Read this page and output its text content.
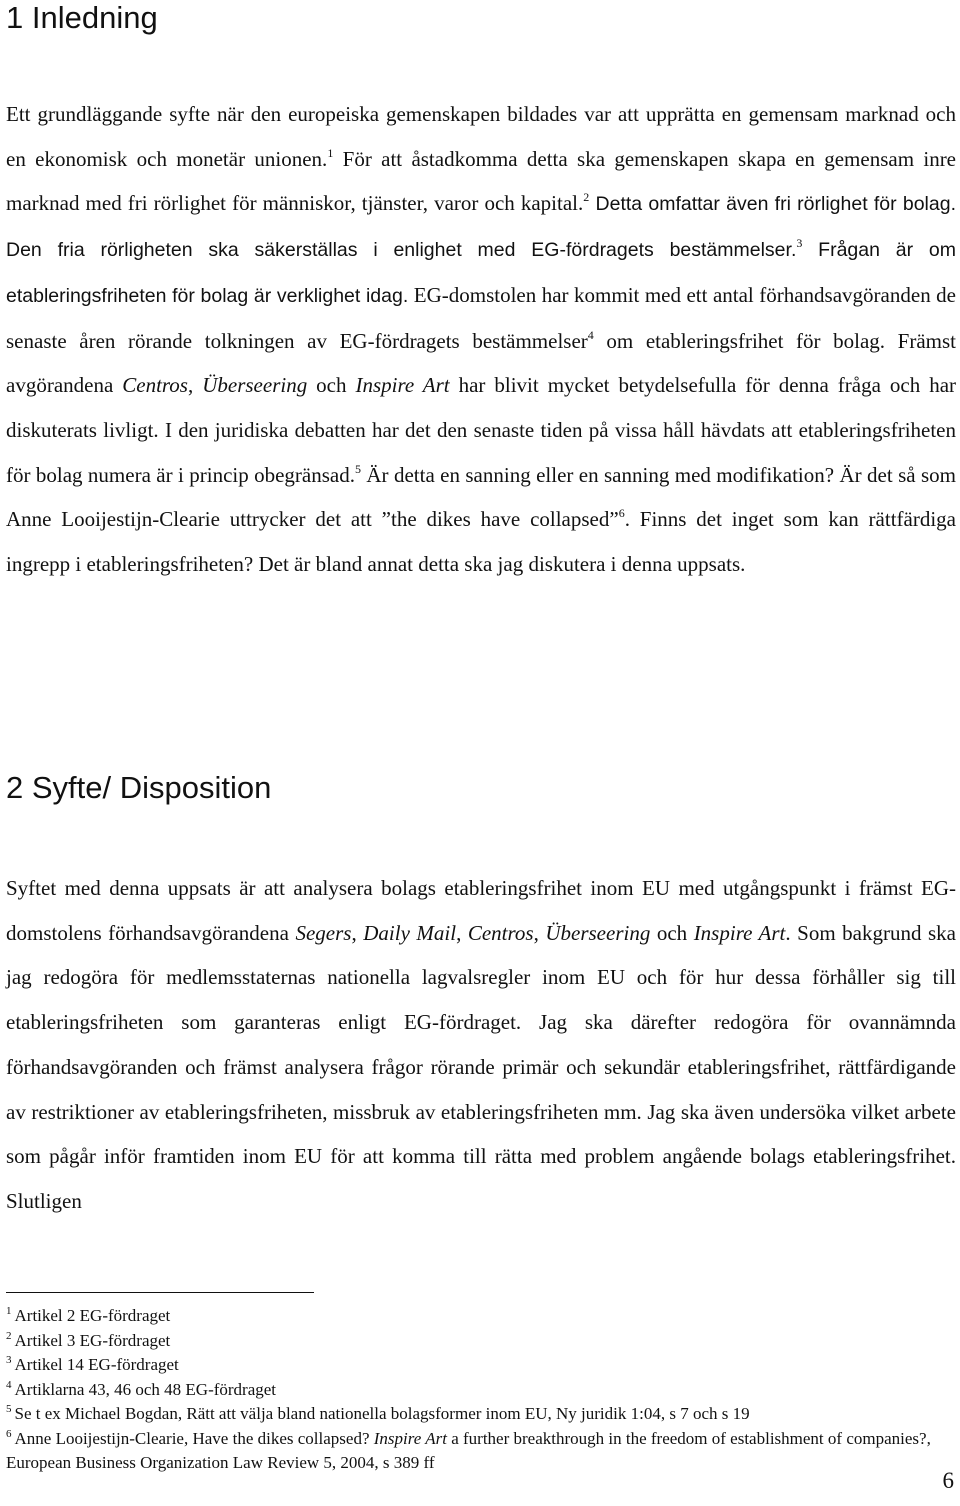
1 Inledning

Ett grundläggande syfte när den europeiska gemenskapen bildades var att upprätta en gemensam marknad och en ekonomisk och monetär unionen.$^1$ För att åstadkomma detta ska gemenskapen skapa en gemensam inre marknad med fri rörlighet för människor, tjänster, varor och kapital.$^2$ Detta omfattar även fri rörlighet för bolag. Den fria rörligheten ska säkerställas i enlighet med EG-fördragets bestämmelser.$^3$ Frågan är om etableringsfriheten för bolag är verklighet idag. EG-domstolen har kommit med ett antal förhandsavgöranden de senaste åren rörande tolkningen av EG-fördragets bestämmelser$^4$ om etableringsfrihet för bolag. Främst avgörandena Centros, Überseering och Inspire Art har blivit mycket betydelsefulla för denna fråga och har diskuterats livligt. I den juridiska debatten har det den senaste tiden på vissa håll hävdats att etableringsfriheten för bolag numera är i princip obegränsad.$^5$ Är detta en sanning eller en sanning med modifikation? Är det så som Anne Looijestijn-Clearie uttrycker det att ”the dikes have collapsed”$^6$. Finns det inget som kan rättfärdiga ingrepp i etableringsfriheten? Det är bland annat detta ska jag diskutera i denna uppsats.

2 Syfte/ Disposition

Syftet med denna uppsats är att analysera bolags etableringsfrihet inom EU med utgångspunkt i främst EG-domstolens förhandsavgörandena Segers, Daily Mail, Centros, Überseering och Inspire Art. Som bakgrund ska jag redogöra för medlemsstaternas nationella lagvalsregler inom EU och för hur dessa förhåller sig till etableringsfriheten som garanteras enligt EG-fördraget. Jag ska därefter redogöra för ovannämnda förhandsavgöranden och främst analysera frågor rörande primär och sekundär etableringsfrihet, rättfärdigande av restriktioner av etableringsfriheten, missbruk av etableringsfriheten mm. Jag ska även undersöka vilket arbete som pågår inför framtiden inom EU för att komma till rätta med problem angående bolags etableringsfrihet. Slutligen

$^1$ Artikel 2 EG-fördraget

$^2$ Artikel 3 EG-fördraget

$^3$ Artikel 14 EG-fördraget

$^4$ Artiklarna 43, 46 och 48 EG-fördraget

$^5$ Se t ex Michael Bogdan, Rätt att välja bland nationella bolagsformer inom EU, Ny juridik 1:04, s 7 och s 19

$^6$ Anne Looijestijn-Clearie, Have the dikes collapsed? Inspire Art a further breakthrough in the freedom of establishment of companies?, European Business Organization Law Review 5, 2004, s 389 ff

6
